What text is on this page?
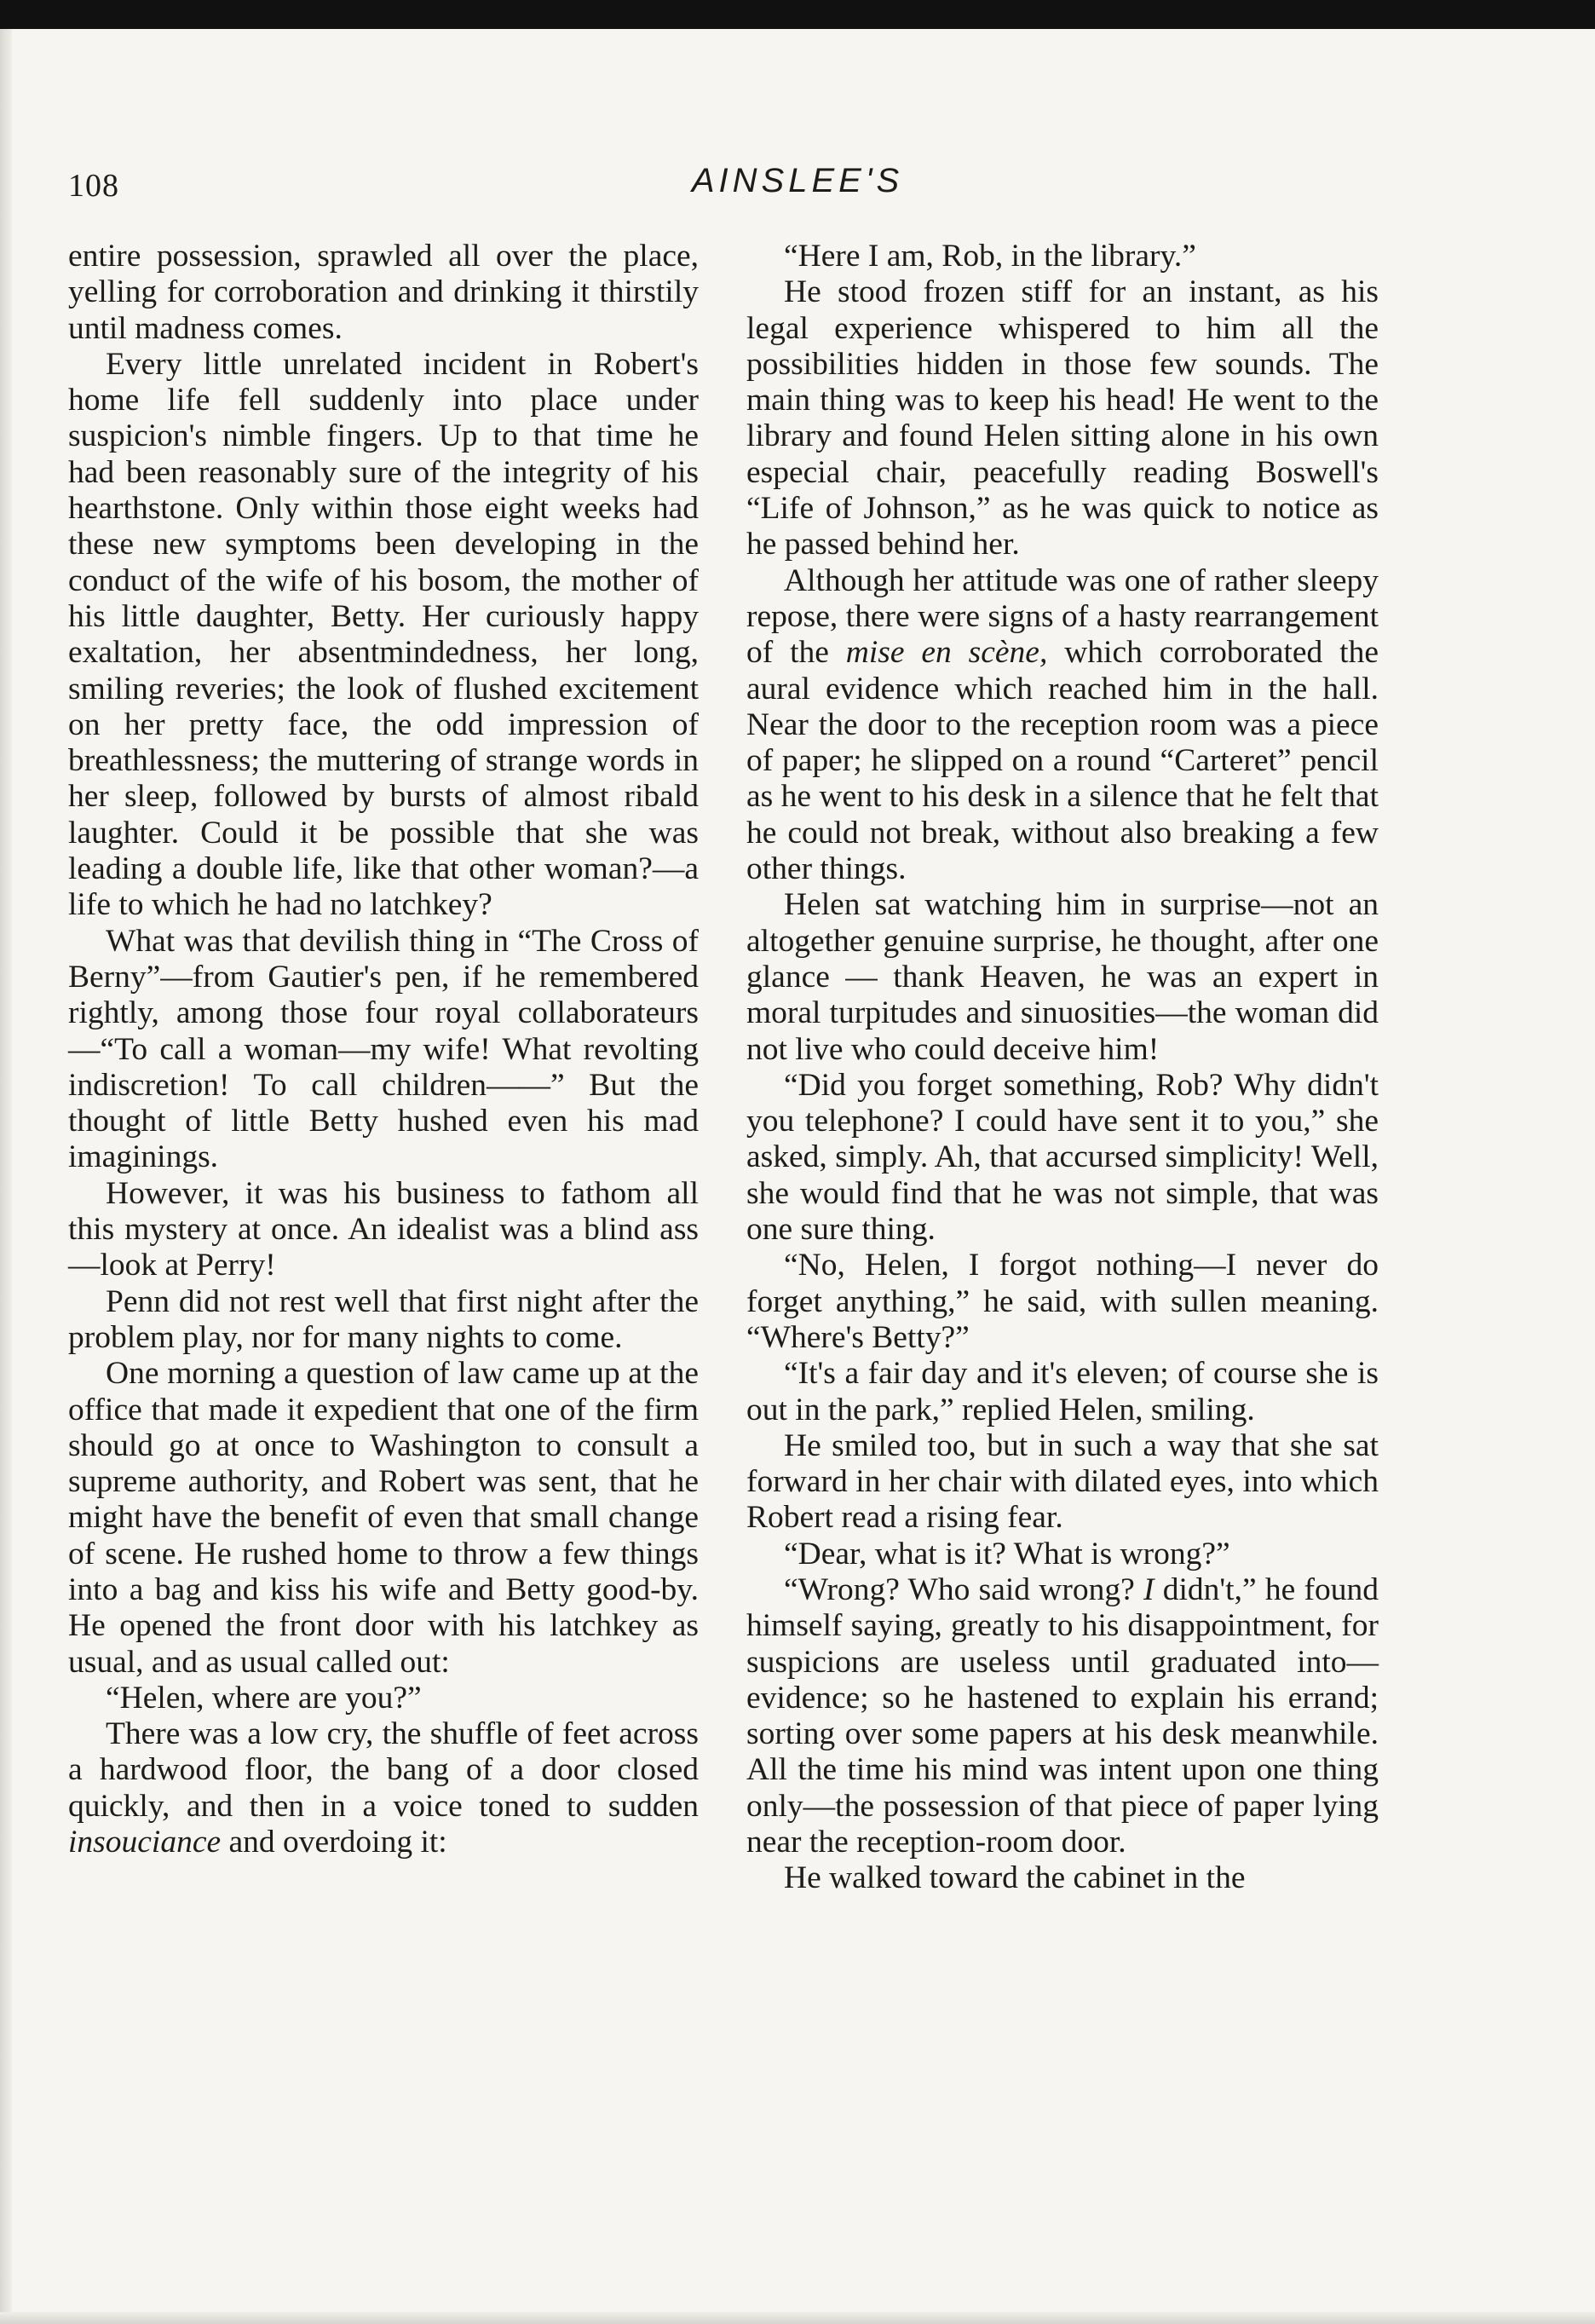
108	AINSLEE'S

entire possession, sprawled all over the place, yelling for corroboration and drinking it thirstily until madness comes.

Every little unrelated incident in Robert's home life fell suddenly into place under suspicion's nimble fingers. Up to that time he had been reasonably sure of the integrity of his hearthstone. Only within those eight weeks had these new symptoms been developing in the conduct of the wife of his bosom, the mother of his little daughter, Betty. Her curiously happy exaltation, her absentmindedness, her long, smiling reveries; the look of flushed excitement on her pretty face, the odd impression of breathlessness; the muttering of strange words in her sleep, followed by bursts of almost ribald laughter. Could it be possible that she was leading a double life, like that other woman?—a life to which he had no latchkey?

What was that devilish thing in “The Cross of Berny”—from Gautier's pen, if he remembered rightly, among those four royal collaborateurs—“To call a woman—my wife! What revolting indiscretion! To call children——” But the thought of little Betty hushed even his mad imaginings.

However, it was his business to fathom all this mystery at once. An idealist was a blind ass—look at Perry!

Penn did not rest well that first night after the problem play, nor for many nights to come.

One morning a question of law came up at the office that made it expedient that one of the firm should go at once to Washington to consult a supreme authority, and Robert was sent, that he might have the benefit of even that small change of scene. He rushed home to throw a few things into a bag and kiss his wife and Betty good-by. He opened the front door with his latchkey as usual, and as usual called out:

“Helen, where are you?”

There was a low cry, the shuffle of feet across a hardwood floor, the bang of a door closed quickly, and then in a voice toned to sudden insouciance and overdoing it:

“Here I am, Rob, in the library.”

He stood frozen stiff for an instant, as his legal experience whispered to him all the possibilities hidden in those few sounds. The main thing was to keep his head! He went to the library and found Helen sitting alone in his own especial chair, peacefully reading Boswell's “Life of Johnson,” as he was quick to notice as he passed behind her.

Although her attitude was one of rather sleepy repose, there were signs of a hasty rearrangement of the mise en scène, which corroborated the aural evidence which reached him in the hall. Near the door to the reception room was a piece of paper; he slipped on a round “Carteret” pencil as he went to his desk in a silence that he felt that he could not break, without also breaking a few other things.

Helen sat watching him in surprise—not an altogether genuine surprise, he thought, after one glance — thank Heaven, he was an expert in moral turpitudes and sinuosities—the woman did not live who could deceive him!

“Did you forget something, Rob? Why didn't you telephone? I could have sent it to you,” she asked, simply. Ah, that accursed simplicity! Well, she would find that he was not simple, that was one sure thing.

“No, Helen, I forgot nothing—I never do forget anything,” he said, with sullen meaning. “Where's Betty?”

“It's a fair day and it's eleven; of course she is out in the park,” replied Helen, smiling.

He smiled too, but in such a way that she sat forward in her chair with dilated eyes, into which Robert read a rising fear.

“Dear, what is it? What is wrong?”

“Wrong? Who said wrong? I didn't,” he found himself saying, greatly to his disappointment, for suspicions are useless until graduated into—evidence; so he hastened to explain his errand; sorting over some papers at his desk meanwhile. All the time his mind was intent upon one thing only—the possession of that piece of paper lying near the reception-room door.

He walked toward the cabinet in the
